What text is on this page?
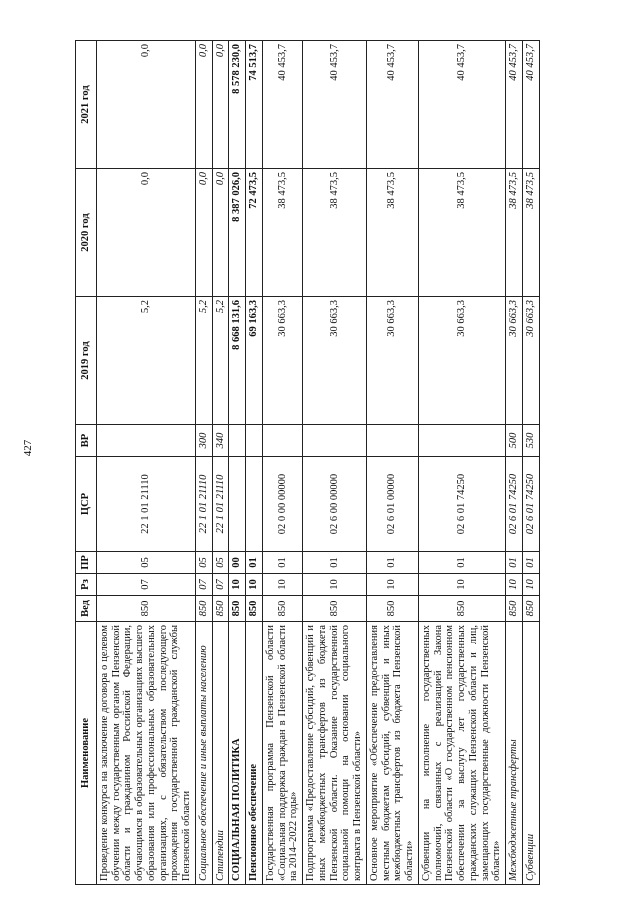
427
Наименование	Вед	Рз	ПР	ЦСР	ВР	2019 год	2020 год	2021 год
Проведение конкурса на заключение договора о целевом обучении между государственным органом Пензенской области и гражданином Российской Федерации, обучающимся в образовательных организациях высшего образования или профессиональных образовательных организациях, с обязательством последующего прохождения государственной гражданской службы Пензенской области	850	07	05	22 1 01 21110		5,2	0,0	0,0
Социальное обеспечение и иные выплаты населению	850	07	05	22 1 01 21110	300	5,2	0,0	0,0
Стипендии	850	07	05	22 1 01 21110	340	5,2	0,0	0,0
СОЦИАЛЬНАЯ ПОЛИТИКА	850	10	00			8 668 131,6	8 387 026,0	8 578 230,0
Пенсионное обеспечение	850	10	01			69 163,3	72 473,5	74 513,7
Государственная программа Пензенской области «Социальная поддержка граждан в Пензенской области на 2014–2022 годы»	850	10	01	02 0 00 00000		30 663,3	38 473,5	40 453,7
Подпрограмма «Предоставление субсидий, субвенций и иных межбюджетных трансфертов из бюджета Пензенской области. Оказание государственной социальной помощи на основании социального контракта в Пензенской области»	850	10	01	02 6 00 00000		30 663,3	38 473,5	40 453,7
Основное мероприятие «Обеспечение предоставления местным бюджетам субсидий, субвенций и иных межбюджетных трансфертов из бюджета Пензенской области»	850	10	01	02 6 01 00000		30 663,3	38 473,5	40 453,7
Субвенции на исполнение государственных полномочий, связанных с реализацией Закона Пензенской области «О государственном пенсионном обеспечении за выслугу лет государственных гражданских служащих Пензенской области и лиц, замещающих государственные должности Пензенской области»	850	10	01	02 6 01 74250		30 663,3	38 473,5	40 453,7
Межбюджетные трансферты	850	10	01	02 6 01 74250	500	30 663,3	38 473,5	40 453,7
Субвенции	850	10	01	02 6 01 74250	530	30 663,3	38 473,5	40 453,7
